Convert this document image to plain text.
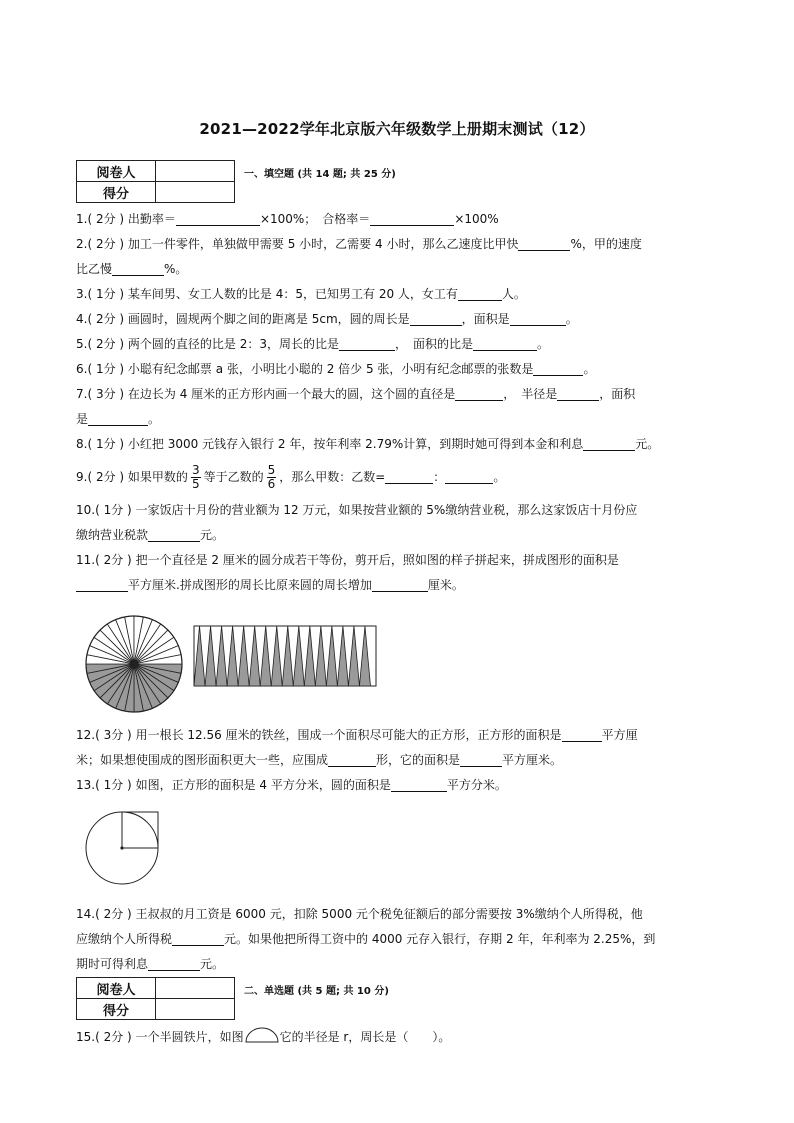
2021—2022学年北京版六年级数学上册期末测试（12）
阅卷人	
得分	
一、填空题 (共 14 题; 共 25 分)
1.( 2分 ) 出勤率＝	×100%；　合格率＝	×100%
2.( 2分 ) 加工一件零件，单独做甲需要 5 小时，乙需要 4 小时，那么乙速度比甲快	%，甲的速度
比乙慢	%。
3.( 1分 ) 某车间男、女工人数的比是 4：5，已知男工有 20 人，女工有	人。
4.( 2分 ) 画圆时，圆规两个脚之间的距离是 5cm，圆的周长是	，面积是	。
5.( 2分 ) 两个圆的直径的比是 2：3，周长的比是	，　面积的比是	。
6.( 1分 ) 小聪有纪念邮票 a 张，小明比小聪的 2 倍少 5 张，小明有纪念邮票的张数是	。
7.( 3分 ) 在边长为 4 厘米的正方形内画一个最大的圆，这个圆的直径是	，　半径是	，面积
是	。
8.( 1分 ) 小红把 3000 元钱存入银行 2 年，按年利率 2.79%计算，到期时她可得到本金和利息	元。
9.( 2分 ) 如果甲数的 $\frac{3}{5}$ 等于乙数的 $\frac{5}{6}$ ，那么甲数：乙数=	：	。
10.( 1分 ) 一家饭店十月份的营业额为 12 万元，如果按营业额的 5%缴纳营业税，那么这家饭店十月份应
缴纳营业税款	元。
11.( 2分 ) 把一个直径是 2 厘米的圆分成若干等份，剪开后，照如图的样子拼起来，拼成图形的面积是
平方厘米.拼成图形的周长比原来圆的周长增加	厘米。
12.( 3分 ) 用一根长 12.56 厘米的铁丝，围成一个面积尽可能大的正方形，正方形的面积是	平方厘
米；如果想使围成的图形面积更大一些，应围成	形，它的面积是	平方厘米。
13.( 1分 ) 如图，正方形的面积是 4 平方分米，圆的面积是	平方分米。
14.( 2分 ) 王叔叔的月工资是 6000 元，扣除 5000 元个税免征额后的部分需要按 3%缴纳个人所得税，他
应缴纳个人所得税	元。如果他把所得工资中的 4000 元存入银行，存期 2 年，年利率为 2.25%，到
期时可得利息	元。
阅卷人	
得分	
二、单选题 (共 5 题; 共 10 分)
15.( 2分 ) 一个半圆铁片，如图	它的半径是 r，周长是（　　）。
